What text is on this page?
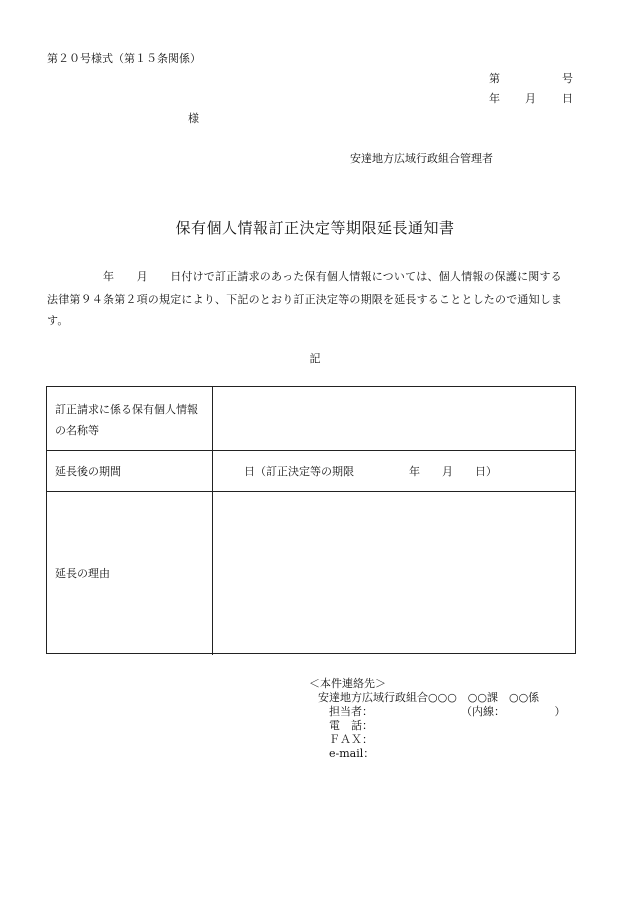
第２０号様式（第１５条関係）
第	号
年 月 日
様
安達地方広域行政組合管理者
保有個人情報訂正決定等期限延長通知書
年　　月　　日付けで訂正請求のあった保有個人情報については、個人情報の保護に関する
法律第９４条第２項の規定により、下記のとおり訂正決定等の期限を延長することとしたので通知しま
す。
記
訂正請求に係る保有個人情報
の名称等
延長後の期間	日（訂正決定等の期限　　　　　年　　月　　日）
延長の理由
＜本件連絡先＞
安達地方広域行政組合○○○　○○課　○○係
　担当者：　　　　　　　　　（内線：　　　　　）
　電　話：
　ＦＡＸ：
　e-mail：
